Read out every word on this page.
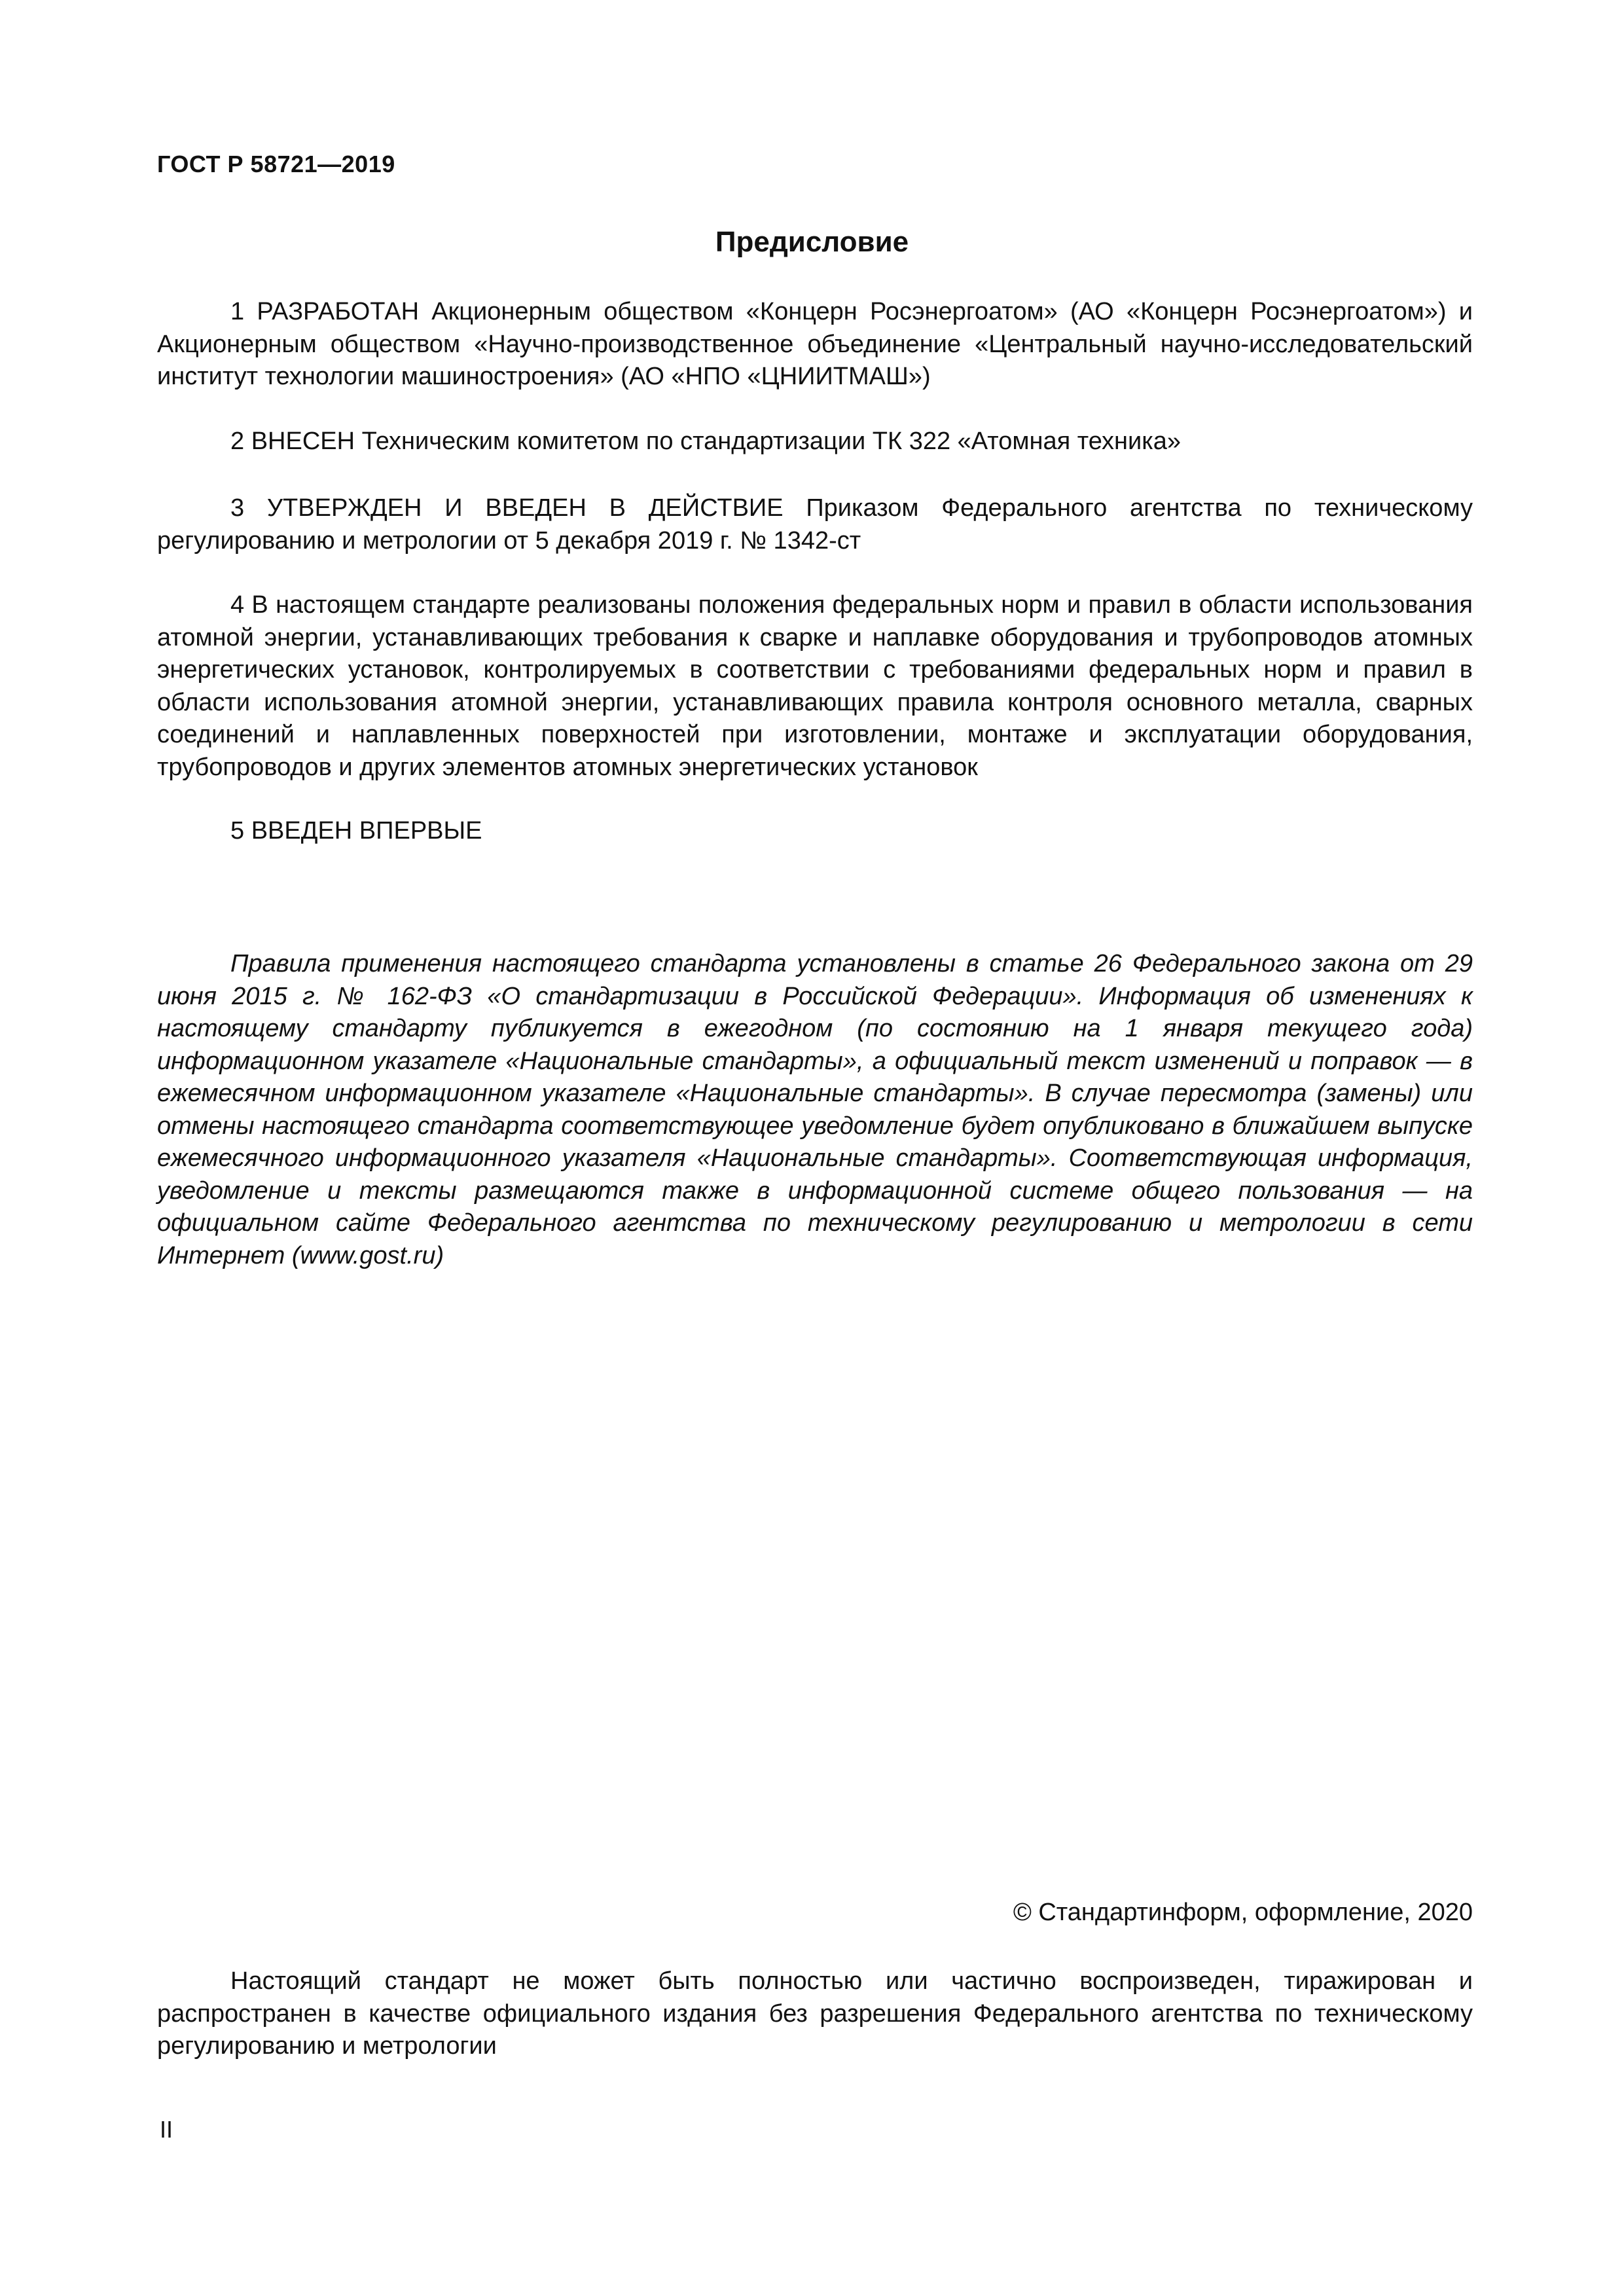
ГОСТ Р 58721—2019
Предисловие

1 РАЗРАБОТАН Акционерным обществом «Концерн Росэнергоатом» (АО «Концерн Росэнергоатом») и Акционерным обществом «Научно-производственное объединение «Центральный научно-исследовательский институт технологии машиностроения» (АО «НПО «ЦНИИТМАШ»)

2 ВНЕСЕН Техническим комитетом по стандартизации ТК 322 «Атомная техника»

3 УТВЕРЖДЕН И ВВЕДЕН В ДЕЙСТВИЕ Приказом Федерального агентства по техническому регулированию и метрологии от 5 декабря 2019 г. № 1342-ст

4 В настоящем стандарте реализованы положения федеральных норм и правил в области использования атомной энергии, устанавливающих требования к сварке и наплавке оборудования и трубопроводов атомных энергетических установок, контролируемых в соответствии с требованиями федеральных норм и правил в области использования атомной энергии, устанавливающих правила контроля основного металла, сварных соединений и наплавленных поверхностей при изготовлении, монтаже и эксплуатации оборудования, трубопроводов и других элементов атомных энергетических установок

5 ВВЕДЕН ВПЕРВЫЕ

Правила применения настоящего стандарта установлены в статье 26 Федерального закона от 29 июня 2015 г. № 162-ФЗ «О стандартизации в Российской Федерации». Информация об изменениях к настоящему стандарту публикуется в ежегодном (по состоянию на 1 января текущего года) информационном указателе «Национальные стандарты», а официальный текст изменений и поправок — в ежемесячном информационном указателе «Национальные стандарты». В случае пересмотра (замены) или отмены настоящего стандарта соответствующее уведомление будет опубликовано в ближайшем выпуске ежемесячного информационного указателя «Национальные стандарты». Соответствующая информация, уведомление и тексты размещаются также в информационной системе общего пользования — на официальном сайте Федерального агентства по техническому регулированию и метрологии в сети Интернет (www.gost.ru)

© Стандартинформ, оформление, 2020

Настоящий стандарт не может быть полностью или частично воспроизведен, тиражирован и распространен в качестве официального издания без разрешения Федерального агентства по техническому регулированию и метрологии

II
